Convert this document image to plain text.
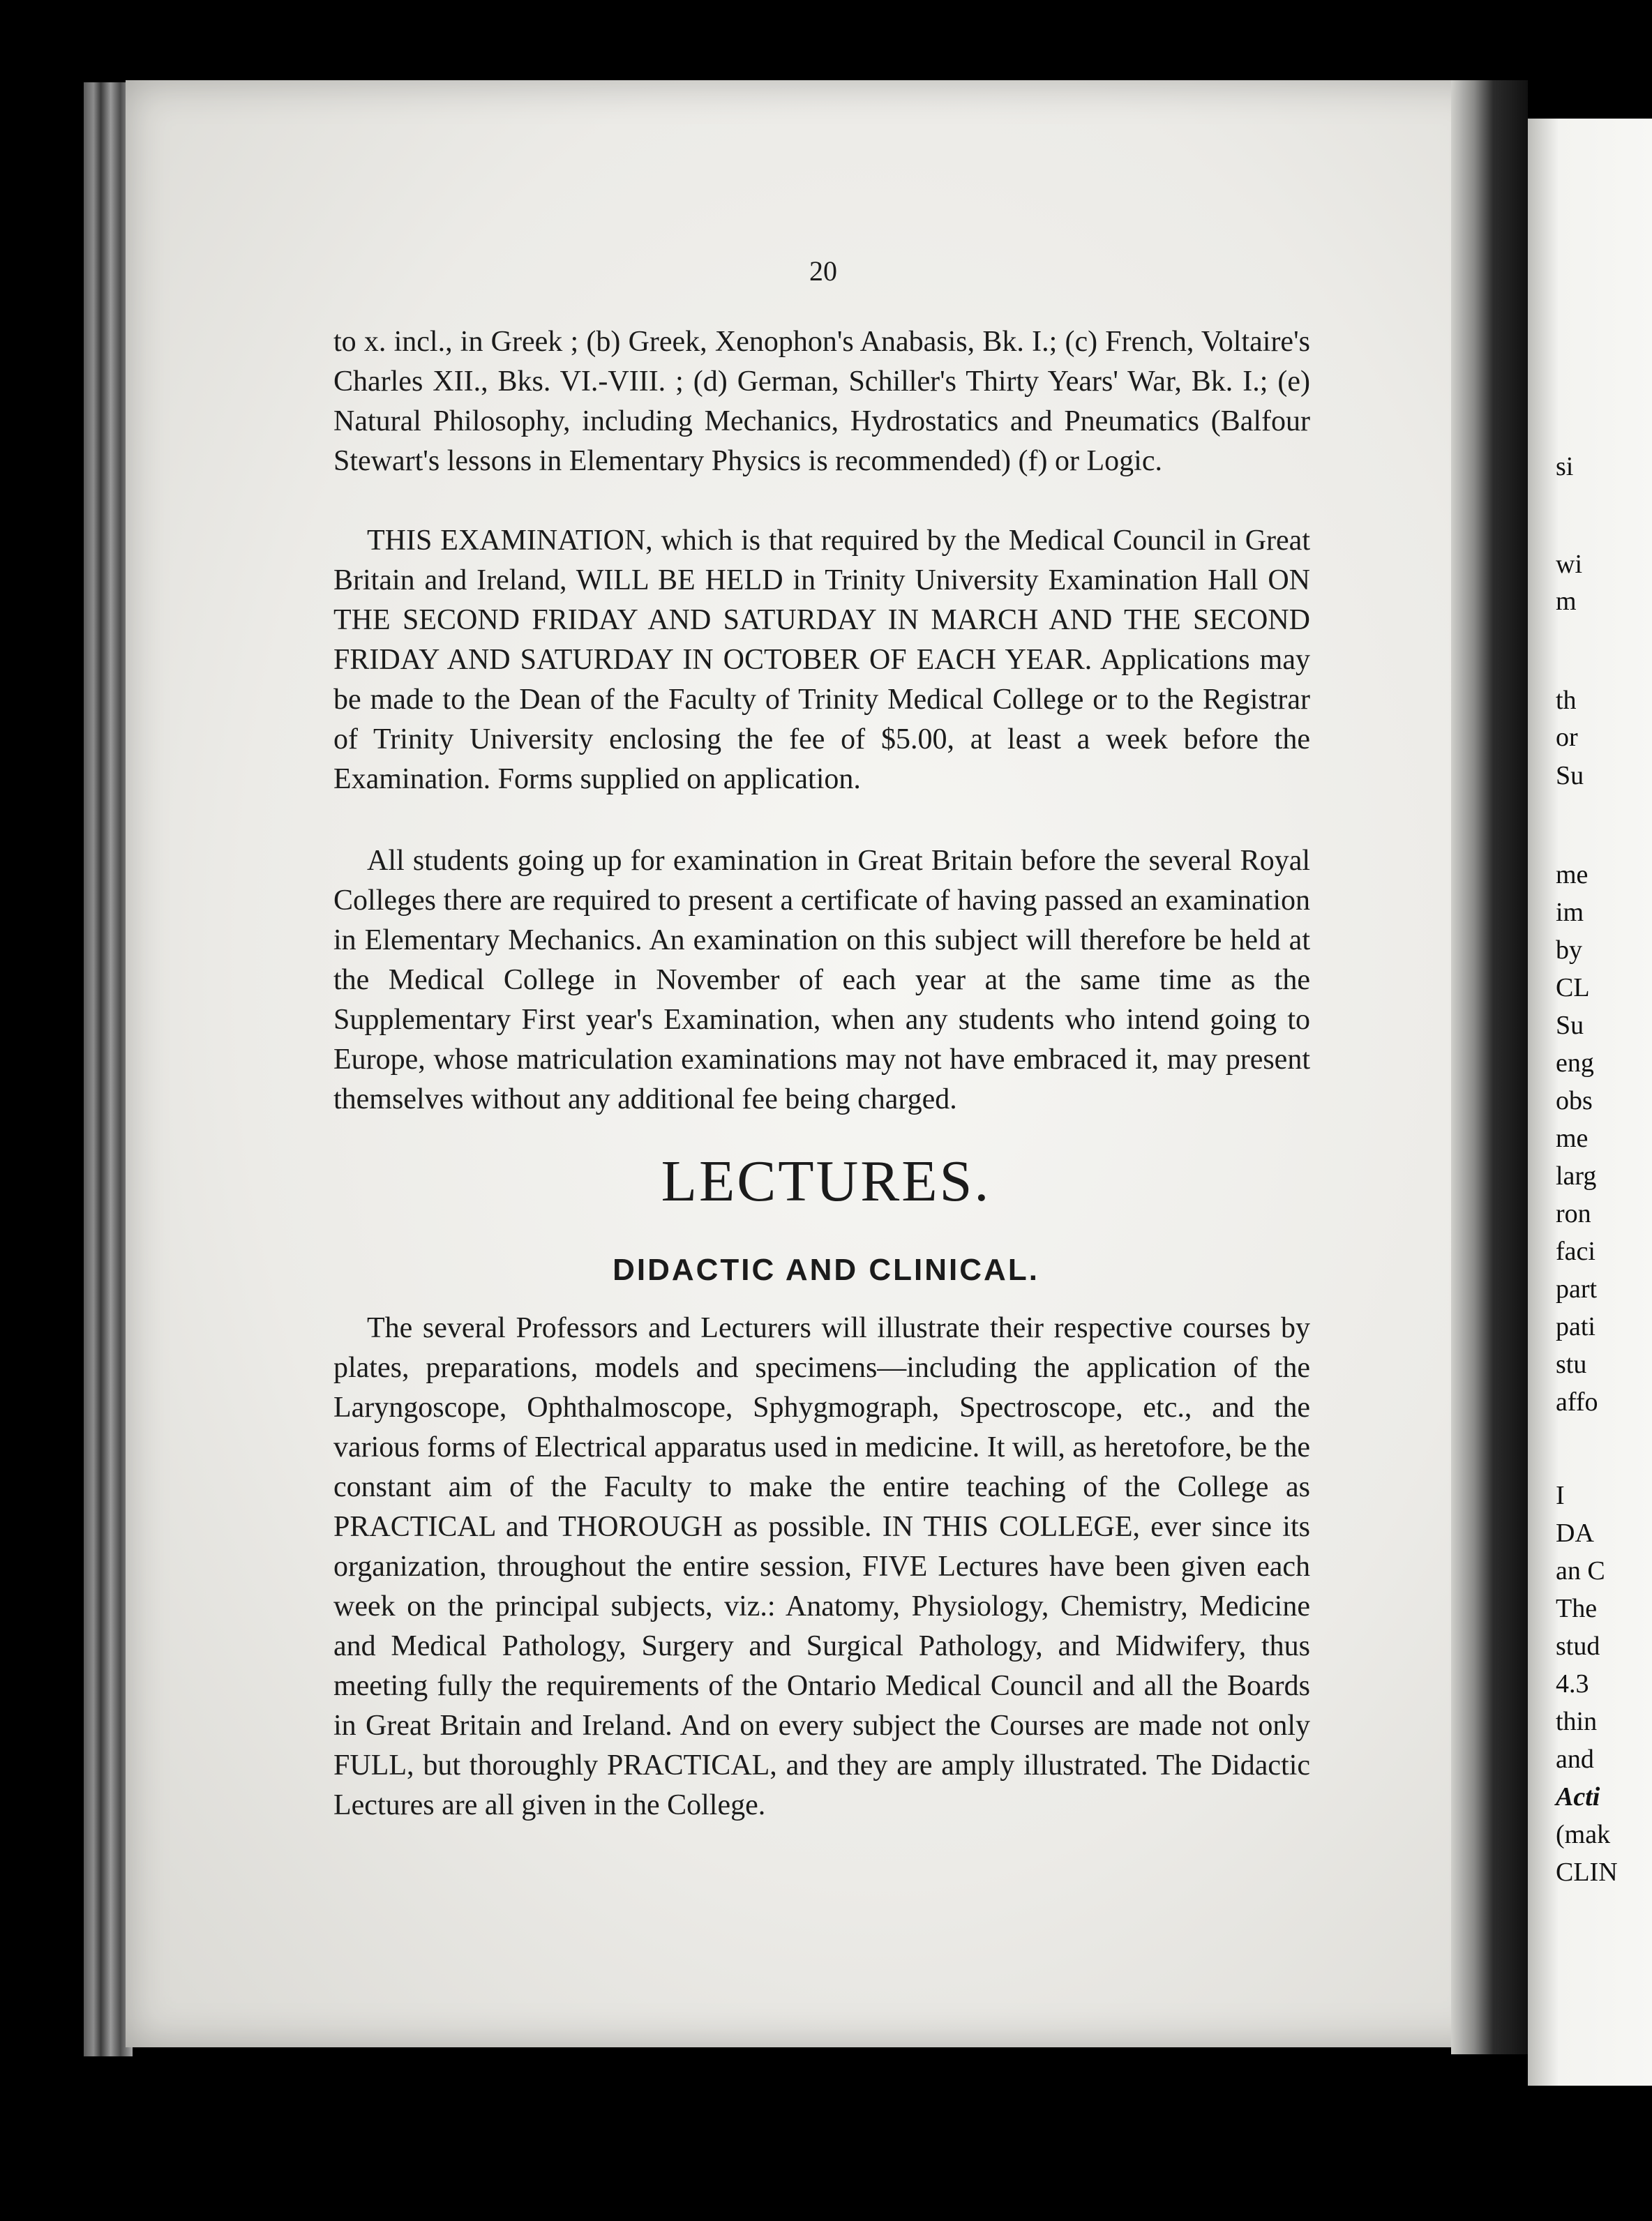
si
wi
m
th
or
Su
me
im
by
CL
Su
eng
obs
me
larg
ron
faci
part
pati
stu
affo
I
DA
an C
The
stud
4.3
thin
and
Acti
(mak
CLIN
20

to x. incl., in Greek ; (b) Greek, Xenophon's Anabasis, Bk. I.; (c) French, Voltaire's Charles XII., Bks. VI.-VIII. ; (d) German, Schiller's Thirty Years' War, Bk. I.; (e) Natural Philosophy, including Mechanics, Hydrostatics and Pneumatics (Balfour Stewart's lessons in Elementary Physics is recommended) (f) or Logic.

THIS EXAMINATION, which is that required by the Medical Council in Great Britain and Ireland, WILL BE HELD in Trinity University Examination Hall ON THE SECOND FRIDAY AND SATURDAY IN MARCH AND THE SECOND FRIDAY AND SATURDAY IN OCTOBER OF EACH YEAR. Applications may be made to the Dean of the Faculty of Trinity Medical College or to the Registrar of Trinity University enclosing the fee of $5.00, at least a week before the Examination. Forms supplied on application.

All students going up for examination in Great Britain before the several Royal Colleges there are required to present a certificate of having passed an examination in Elementary Mechanics. An examination on this subject will therefore be held at the Medical College in November of each year at the same time as the Supplementary First year's Examination, when any students who intend going to Europe, whose matriculation examinations may not have embraced it, may present themselves without any additional fee being charged.

LECTURES.
DIDACTIC AND CLINICAL.

The several Professors and Lecturers will illustrate their respective courses by plates, preparations, models and specimens—including the application of the Laryngoscope, Ophthalmoscope, Sphygmograph, Spectroscope, etc., and the various forms of Electrical apparatus used in medicine. It will, as heretofore, be the constant aim of the Faculty to make the entire teaching of the College as PRACTICAL and THOROUGH as possible. IN THIS COLLEGE, ever since its organization, throughout the entire session, FIVE Lectures have been given each week on the principal subjects, viz.: Anatomy, Physiology, Chemistry, Medicine and Medical Pathology, Surgery and Surgical Pathology, and Midwifery, thus meeting fully the requirements of the Ontario Medical Council and all the Boards in Great Britain and Ireland. And on every subject the Courses are made not only FULL, but thoroughly PRACTICAL, and they are amply illustrated. The Didactic Lectures are all given in the College.
